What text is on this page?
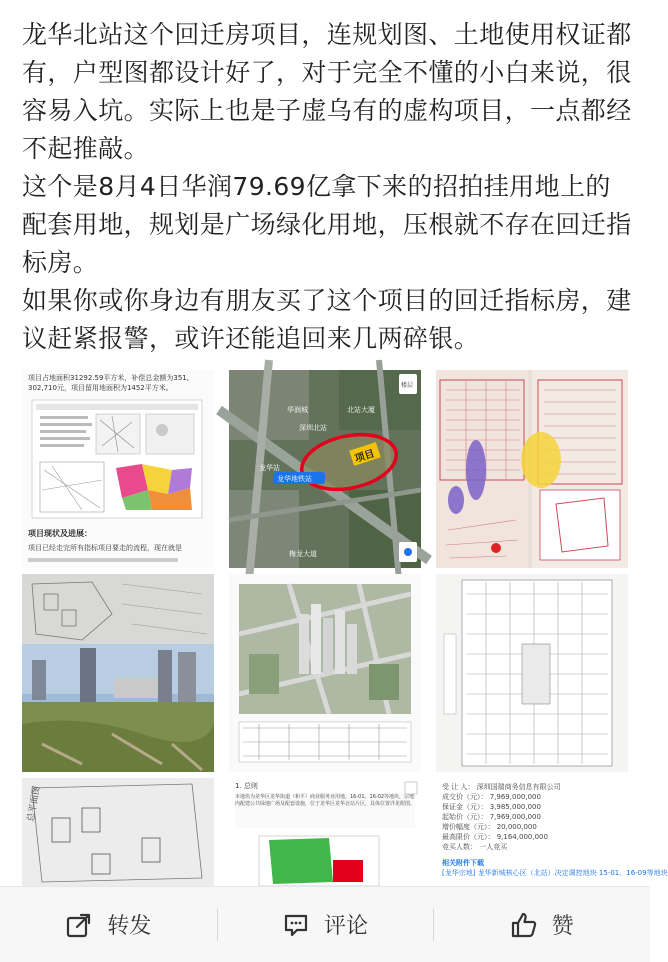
龙华北站这个回迁房项目，连规划图、土地使用权证都有，户型图都设计好了，对于完全不懂的小白来说，很容易入坑。实际上也是子虚乌有的虚构项目，一点都经不起推敲。

这个是8月4日华润79.69亿拿下来的招拍挂用地上的配套用地，规划是广场绿化用地，压根就不存在回迁指标房。

如果你或你身边有朋友买了这个项目的回迁指标房，建议赶紧报警，或许还能追回来几两碎银。

项目占地面积31292.59平方米，补偿总金额为351,
302,710元，项目留用地面积为1452平方米。
项目现状及进展：
项目已经走完所有指标项目要走的流程，现在就是
项目
华润城	北站大厦
深圳北站
龙华站
龙华地铁站
梅龙大道
楼层
总平面图	1. 总则
本地块为龙华区龙华街道（和平）商业服务业用地，16-01、16-02等地块，宗地内配建公共绿地广场及配套设施，位于龙华区龙华北站片区，具体位置详见附图。
受 让 人： 深圳国瑞商务信息有限公司
成交价（元）： 7,969,000,000
保证金（元）： 3,985,000,000
起始价（元）： 7,969,000,000
增价幅度（元）： 20,000,000
最高限价（元）： 9,164,000,000
竞买人数： 一人竞买
相关附件下载
[龙华宗地] 龙华新城核心区（北站）决定调控地块 15-01、16-09等地块
转发	评论	赞
